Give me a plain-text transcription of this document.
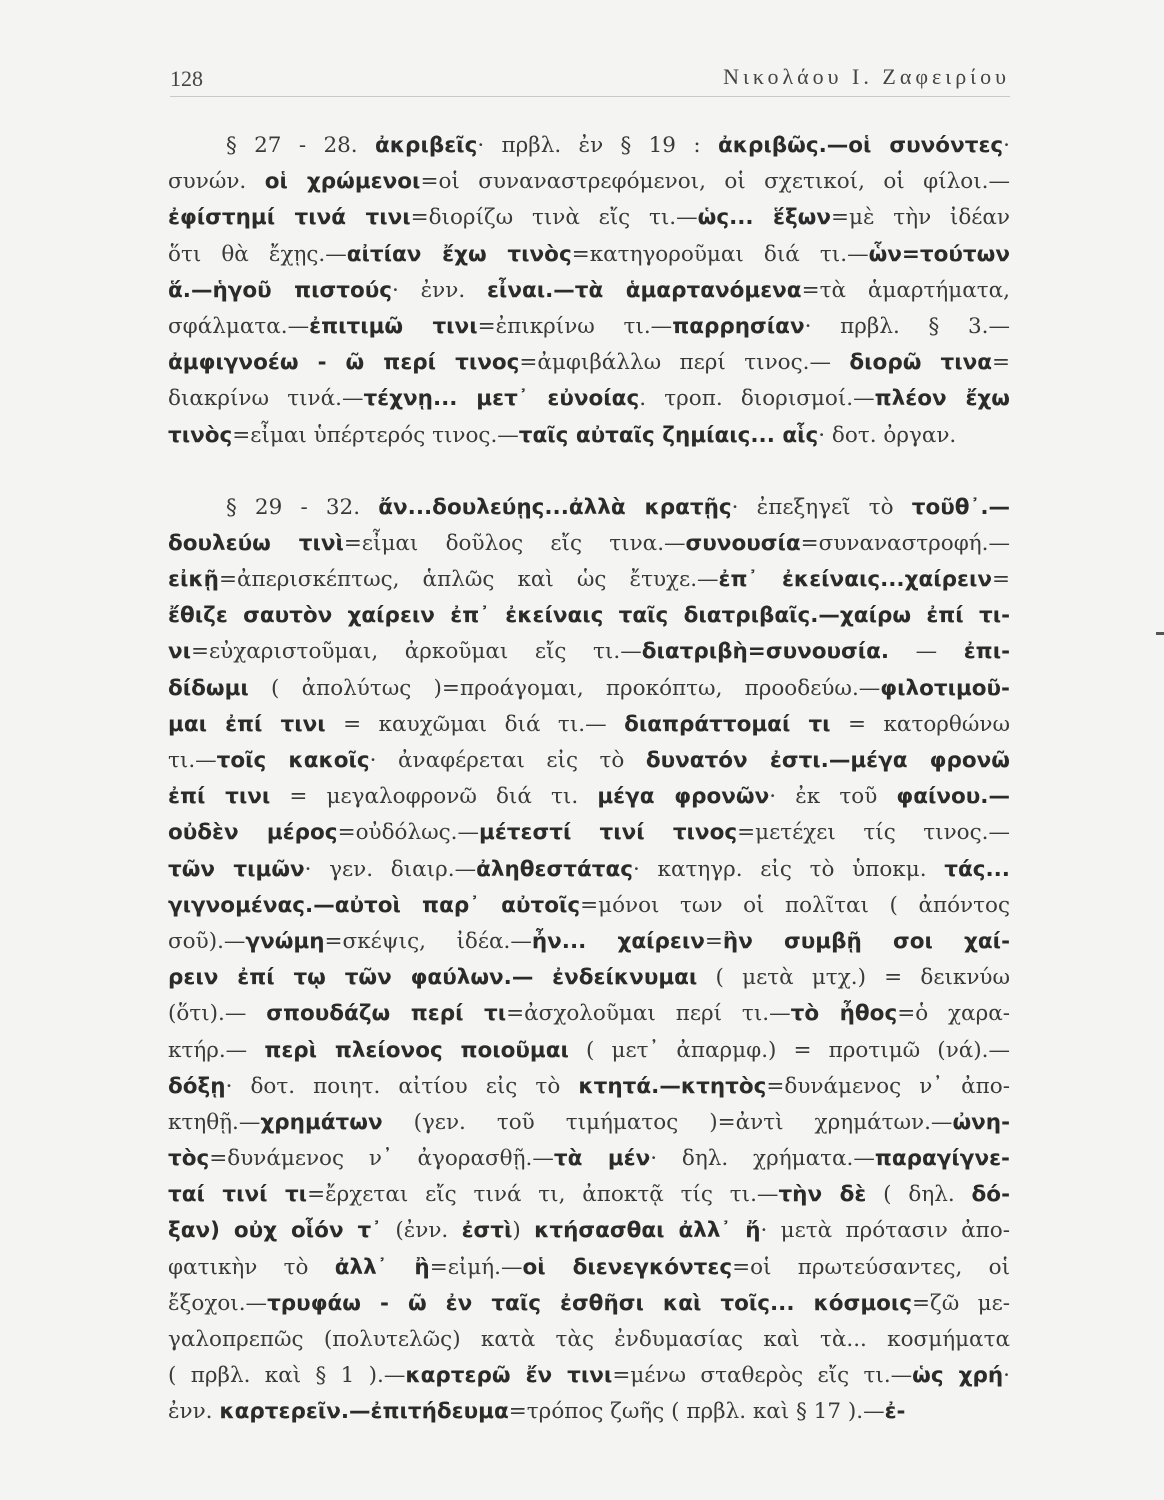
128	Νικολάου Ι. Ζαφειρίου
§ 27 - 28. ἀκριβεῖς· πρβλ. ἐν § 19 : ἀκριβῶς.—οἱ συνόντες·
συνών. οἱ χρώμενοι=οἱ συναναστρεφόμενοι, οἱ σχετικοί, οἱ φίλοι.—
ἐφίστημί τινά τινι=διορίζω τινὰ εἴς τι.—ὡς... ἕξων=μὲ τὴν ἰδέαν
ὅτι θὰ ἔχῃς.—αἰτίαν ἔχω τινὸς=κατηγοροῦμαι διά τι.—ὧν=τούτων
ἅ.—ἡγοῦ πιστούς· ἐνν. εἶναι.—τὰ ἁμαρτανόμενα=τὰ ἁμαρτήματα,
σφάλματα.—ἐπιτιμῶ τινι=ἐπικρίνω τι.—παρρησίαν· πρβλ. § 3.—
ἀμφιγνοέω - ῶ περί τινος=ἀμφιβάλλω περί τινος.— διορῶ τινα=
διακρίνω τινά.—τέχνῃ... μετ᾽ εὐνοίας. τροπ. διορισμοί.—πλέον ἔχω
τινὸς=εἶμαι ὑπέρτερός τινος.—ταῖς αὐταῖς ζημίαις... αἷς· δοτ. ὀργαν.
§ 29 - 32. ἄν...δουλεύῃς...ἀλλὰ κρατῇς· ἐπεξηγεῖ τὸ τοῦθ᾽.—
δουλεύω τινὶ=εἶμαι δοῦλος εἴς τινα.—συνουσία=συναναστροφή.—
εἰκῇ=ἀπερισκέπτως, ἁπλῶς καὶ ὡς ἔτυχε.—ἐπ᾽ ἐκείναις...χαίρειν=
ἔθιζε σαυτὸν χαίρειν ἐπ᾽ ἐκείναις ταῖς διατριβαῖς.—χαίρω ἐπί τι-
νι=εὐχαριστοῦμαι, ἀρκοῦμαι εἴς τι.—διατριβὴ=συνουσία. — ἐπι-
δίδωμι ( ἀπολύτως )=προάγομαι, προκόπτω, προοδεύω.—φιλοτιμοῦ-
μαι ἐπί τινι = καυχῶμαι διά τι.— διαπράττομαί τι = κατορθώνω
τι.—τοῖς κακοῖς· ἀναφέρεται εἰς τὸ δυνατόν ἐστι.—μέγα φρονῶ
ἐπί τινι = μεγαλοφρονῶ διά τι. μέγα φρονῶν· ἐκ τοῦ φαίνου.—
οὐδὲν μέρος=οὐδόλως.—μέτεστί τινί τινος=μετέχει τίς τινος.—
τῶν τιμῶν· γεν. διαιρ.—ἀληθεστάτας· κατηγρ. εἰς τὸ ὑποκμ. τάς...
γιγνομένας.—αὐτοὶ παρ᾽ αὐτοῖς=μόνοι των οἱ πολῖται ( ἀπόντος
σοῦ).—γνώμη=σκέψις, ἰδέα.—ἦν... χαίρειν=ἢν συμβῇ σοι χαί-
ρειν ἐπί τῳ τῶν φαύλων.— ἐνδείκνυμαι ( μετὰ μτχ.) = δεικνύω
(ὅτι).— σπουδάζω περί τι=ἀσχολοῦμαι περί τι.—τὸ ἦθος=ὁ χαρα-
κτήρ.— περὶ πλείονος ποιοῦμαι ( μετ᾽ ἀπαρμφ.) = προτιμῶ (νά).—
δόξῃ· δοτ. ποιητ. αἰτίου εἰς τὸ κτητά.—κτητὸς=δυνάμενος ν᾽ ἀπο-
κτηθῇ.—χρημάτων (γεν. τοῦ τιμήματος )=ἀντὶ χρημάτων.—ὠνη-
τὸς=δυνάμενος ν᾽ ἀγορασθῇ.—τὰ μέν· δηλ. χρήματα.—παραγίγνε-
ταί τινί τι=ἔρχεται εἴς τινά τι, ἀποκτᾷ τίς τι.—τὴν δὲ ( δηλ. δό-
ξαν) οὐχ οἷόν τ᾽ (ἐνν. ἐστὶ) κτήσασθαι ἀλλ᾽ ἤ· μετὰ πρότασιν ἀπο-
φατικὴν τὸ ἀλλ᾽ ἢ=εἰμή.—οἱ διενεγκόντες=οἱ πρωτεύσαντες, οἱ
ἔξοχοι.—τρυφάω - ῶ ἐν ταῖς ἐσθῆσι καὶ τοῖς... κόσμοις=ζῶ με-
γαλοπρεπῶς (πολυτελῶς) κατὰ τὰς ἐνδυμασίας καὶ τὰ... κοσμήματα
( πρβλ. καὶ § 1 ).—καρτερῶ ἔν τινι=μένω σταθερὸς εἴς τι.—ὡς χρή·
ἐνν. καρτερεῖν.—ἐπιτήδευμα=τρόπος ζωῆς ( πρβλ. καὶ § 17 ).—ἐ-
